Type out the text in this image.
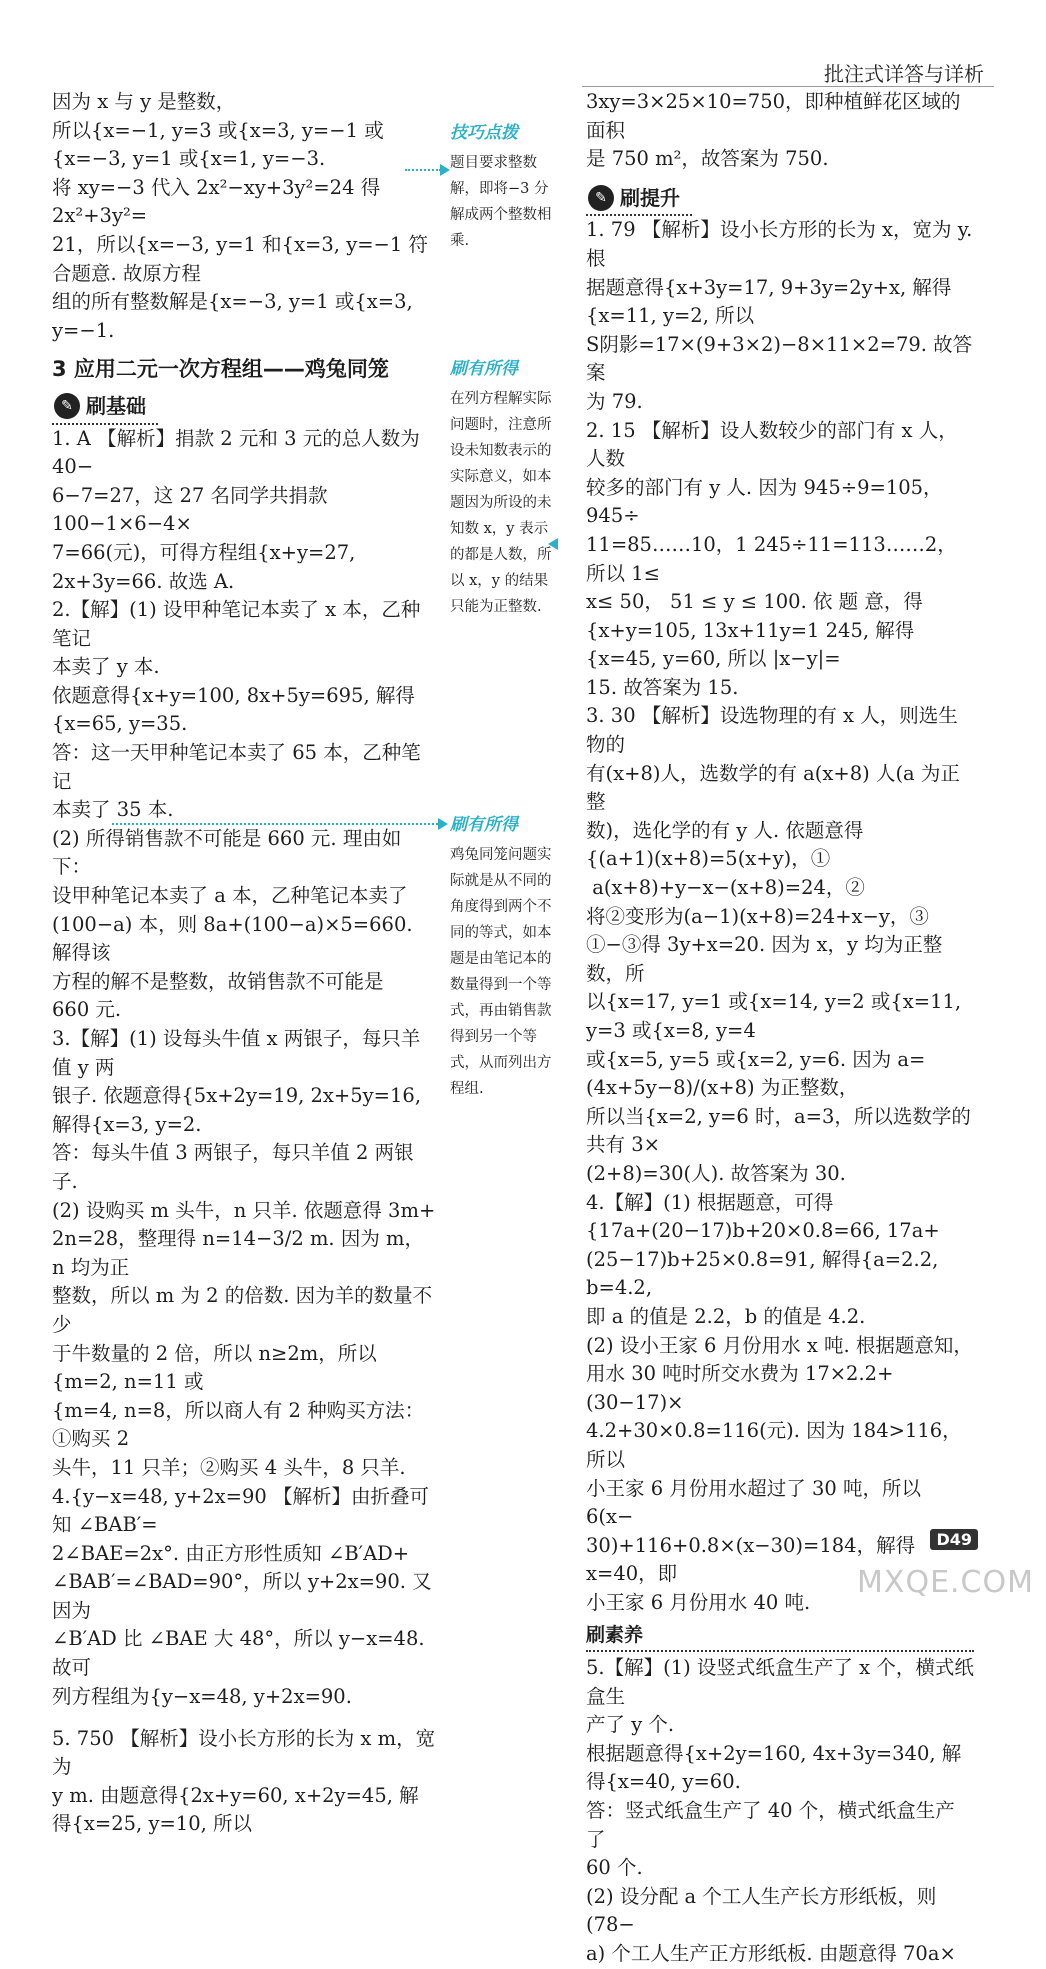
批注式详答与详析
因为 x 与 y 是整数，
所以{x=−1, y=3 或{x=3, y=−1 或{x=−3, y=1 或{x=1, y=−3.
将 xy=−3 代入 2x²−xy+3y²=24 得 2x²+3y²=
21，所以{x=−3, y=1 和{x=3, y=−1 符合题意. 故原方程
组的所有整数解是{x=−3, y=1 或{x=3, y=−1.
3 应用二元一次方程组——鸡兔同笼
✎ 刷基础
1. A 【解析】捐款 2 元和 3 元的总人数为 40−
6−7=27，这 27 名同学共捐款 100−1×6−4×
7=66(元)，可得方程组{x+y=27, 2x+3y=66. 故选 A.
2.【解】(1) 设甲种笔记本卖了 x 本，乙种笔记
本卖了 y 本.
依题意得{x+y=100, 8x+5y=695, 解得{x=65, y=35.
答：这一天甲种笔记本卖了 65 本，乙种笔记
本卖了 35 本.
(2) 所得销售款不可能是 660 元. 理由如下：
设甲种笔记本卖了 a 本，乙种笔记本卖了
(100−a) 本，则 8a+(100−a)×5=660. 解得该
方程的解不是整数，故销售款不可能是
660 元.
3.【解】(1) 设每头牛值 x 两银子，每只羊值 y 两
银子. 依题意得{5x+2y=19, 2x+5y=16, 解得{x=3, y=2.
答：每头牛值 3 两银子，每只羊值 2 两银子.
(2) 设购买 m 头牛，n 只羊. 依题意得 3m+
2n=28，整理得 n=14−3/2 m. 因为 m，n 均为正
整数，所以 m 为 2 的倍数. 因为羊的数量不少
于牛数量的 2 倍，所以 n≥2m，所以{m=2, n=11 或
{m=4, n=8，所以商人有 2 种购买方法：①购买 2
头牛，11 只羊；②购买 4 头牛，8 只羊.
4.{y−x=48, y+2x=90 【解析】由折叠可知 ∠BAB′=
2∠BAE=2x°. 由正方形性质知 ∠B′AD+
∠BAB′=∠BAD=90°，所以 y+2x=90. 又因为
∠B′AD 比 ∠BAE 大 48°，所以 y−x=48. 故可
列方程组为{y−x=48, y+2x=90.
5. 750 【解析】设小长方形的长为 x m，宽为
y m. 由题意得{2x+y=60, x+2y=45, 解得{x=25, y=10, 所以
技巧点拨
题目要求整数解，即将−3 分解成两个整数相乘.
刷有所得
在列方程解实际问题时，注意所设未知数表示的实际意义，如本题因为所设的未知数 x，y 表示的都是人数，所以 x，y 的结果只能为正整数.
刷有所得
鸡兔同笼问题实际就是从不同的角度得到两个不同的等式，如本题是由笔记本的数量得到一个等式，再由销售款得到另一个等式，从而列出方程组.
3xy=3×25×10=750，即种植鲜花区域的面积
是 750 m²，故答案为 750.
✎ 刷提升
1. 79 【解析】设小长方形的长为 x，宽为 y. 根
据题意得{x+3y=17, 9+3y=2y+x, 解得{x=11, y=2, 所以
S阴影=17×(9+3×2)−8×11×2=79. 故答案
为 79.
2. 15 【解析】设人数较少的部门有 x 人，人数
较多的部门有 y 人. 因为 945÷9=105，945÷
11=85……10，1 245÷11=113……2，所以 1≤
x≤ 50， 51 ≤ y ≤ 100. 依 题 意，得
{x+y=105, 13x+11y=1 245, 解得{x=45, y=60, 所以 |x−y|=
15. 故答案为 15.
3. 30 【解析】设选物理的有 x 人，则选生物的
有(x+8)人，选数学的有 a(x+8) 人(a 为正整
数)，选化学的有 y 人. 依题意得
{(a+1)(x+8)=5(x+y)，①
a(x+8)+y−x−(x+8)=24，②
将②变形为(a−1)(x+8)=24+x−y，③
①−③得 3y+x=20. 因为 x，y 均为正整数，所
以{x=17, y=1 或{x=14, y=2 或{x=11, y=3 或{x=8, y=4
或{x=5, y=5 或{x=2, y=6. 因为 a=(4x+5y−8)/(x+8) 为正整数，
所以当{x=2, y=6 时，a=3，所以选数学的共有 3×
(2+8)=30(人). 故答案为 30.
4.【解】(1) 根据题意，可得
{17a+(20−17)b+20×0.8=66, 17a+(25−17)b+25×0.8=91, 解得{a=2.2, b=4.2,
即 a 的值是 2.2，b 的值是 4.2.
(2) 设小王家 6 月份用水 x 吨. 根据题意知，
用水 30 吨时所交水费为 17×2.2+(30−17)×
4.2+30×0.8=116(元). 因为 184>116，所以
小王家 6 月份用水超过了 30 吨，所以 6(x−
30)+116+0.8×(x−30)=184，解得 x=40，即
小王家 6 月份用水 40 吨.
刷素养
5.【解】(1) 设竖式纸盒生产了 x 个，横式纸盒生
产了 y 个.
根据题意得{x+2y=160, 4x+3y=340, 解得{x=40, y=60.
答：竖式纸盒生产了 40 个，横式纸盒生产了
60 个.
(2) 设分配 a 个工人生产长方形纸板，则(78−
a) 个工人生产正方形纸板. 由题意得 70a×
D49
MXQE.COM
